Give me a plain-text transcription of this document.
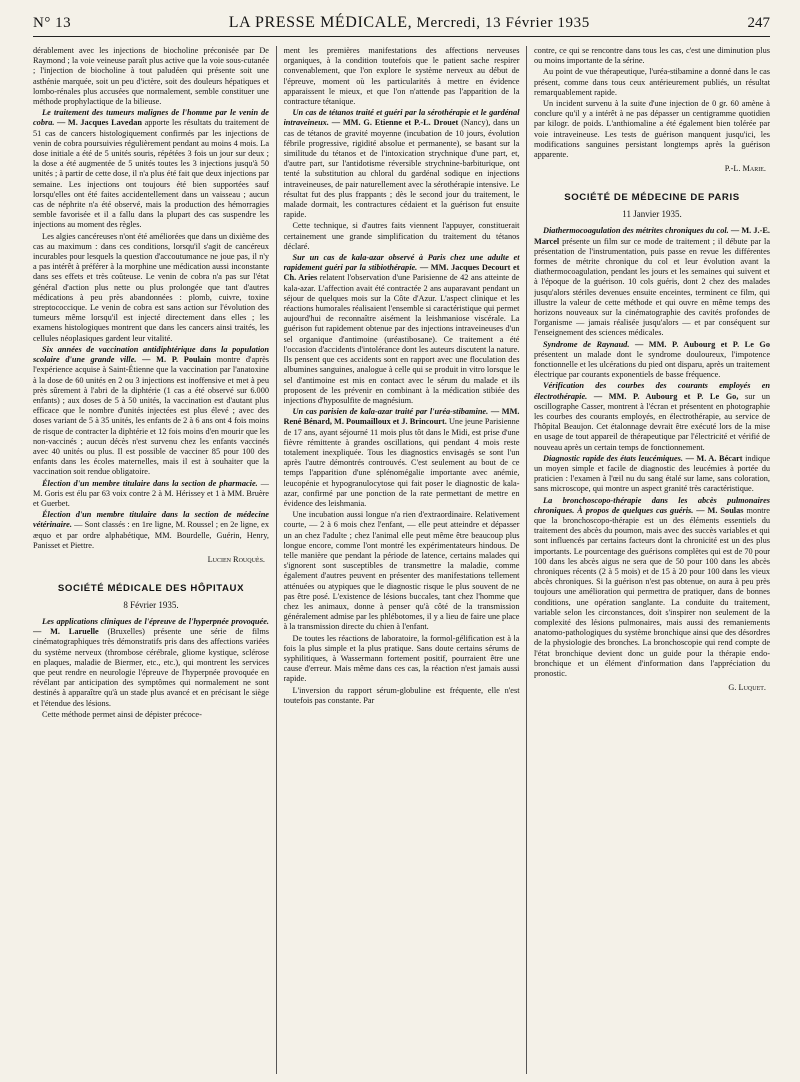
N° 13	LA PRESSE MÉDICALE, Mercredi, 13 Février 1935	247

dérablement avec les injections de biocholine préconisée par De Raymond ; la voie veineuse paraît plus active que la voie sous-cutanée ; l'injection de biocholine à tout paludéen qui présente soit une asthénie marquée, soit un peu d'ictère, soit des douleurs hépatiques et lombo-rénales plus accusées que normalement, semble constituer une méthode prophylactique de la bilieuse.

Le traitement des tumeurs malignes de l'homme par le venin de cobra. — M. Jacques Lavedan apporte les résultats du traitement de 51 cas de cancers histologiquement confirmés par les injections de venin de cobra poursuivies régulièrement pendant au moins 4 mois. La dose initiale a été de 5 unités souris, répétées 3 fois un jour sur deux ; la dose a été augmentée de 5 unités toutes les 3 injections jusqu'à 50 unités ; à partir de cette dose, il n'a plus été fait que deux injections par semaine. Les injections ont toujours été bien supportées sauf lorsqu'elles ont été faites accidentellement dans un vaisseau ; aucun cas de néphrite n'a été observé, mais la production des hémorragies semble favorisée et il a fallu dans la plupart des cas suspendre les injections au moment des règles.

Les algies cancéreuses n'ont été améliorées que dans un dixième des cas au maximum : dans ces conditions, lorsqu'il s'agit de cancéreux incurables pour lesquels la question d'accoutumance ne joue pas, il n'y a pas intérêt à préférer à la morphine une médication aussi inconstante dans ses effets et très coûteuse. Le venin de cobra n'a pas sur l'état général d'action plus nette ou plus prolongée que tant d'autres médications à peu près abandonnées : plomb, cuivre, toxine streptococcique. Le venin de cobra est sans action sur l'évolution des tumeurs même lorsqu'il est injecté directement dans elles ; les examens histologiques montrent que dans les cancers ainsi traités, les cellules néoplasiques gardent leur vitalité.

Six années de vaccination antidiphtérique dans la population scolaire d'une grande ville. — M. P. Poulain montre d'après l'expérience acquise à Saint-Étienne que la vaccination par l'anatoxine à la dose de 60 unités en 2 ou 3 injections est inoffensive et met à peu près sûrement à l'abri de la diphtérie (1 cas a été observé sur 6.000 enfants) ; aux doses de 5 à 50 unités, la vaccination est d'autant plus efficace que le nombre d'unités injectées est plus élevé ; avec des doses variant de 5 à 35 unités, les enfants de 2 à 6 ans ont 4 fois moins de risque de contracter la diphtérie et 12 fois moins d'en mourir que les non-vaccinés ; aucun décès n'est survenu chez les enfants vaccinés avec 40 unités ou plus. Il est possible de vacciner 85 pour 100 des enfants dans les écoles maternelles, mais il est à souhaiter que la vaccination soit rendue obligatoire.

Élection d'un membre titulaire dans la section de pharmacie. — M. Goris est élu par 63 voix contre 2 à M. Hérissey et 1 à MM. Bruère et Guerbet.

Élection d'un membre titulaire dans la section de médecine vétérinaire. — Sont classés : en 1re ligne, M. Roussel ; en 2e ligne, ex æquo et par ordre alphabétique, MM. Bourdelle, Guérin, Henry, Panisset et Piettre.

Lucien Rouquès.

SOCIÉTÉ MÉDICALE DES HÔPITAUX
8 Février 1935.

Les applications cliniques de l'épreuve de l'hyperpnée provoquée. — M. Laruelle (Bruxelles) présente une série de films cinématographiques très démonstratifs pris dans des affections variées du système nerveux (thrombose cérébrale, gliome kystique, sclérose en plaques, maladie de Biermer, etc., etc.), qui montrent les services que peut rendre en neurologie l'épreuve de l'hyperpnée provoquée en révélant par anticipation des symptômes qui normalement ne sont destinés à apparaître qu'à un stade plus avancé et en précisant le siège et l'étendue des lésions.

Cette méthode permet ainsi de dépister précoce-

ment les premières manifestations des affections nerveuses organiques, à la condition toutefois que le patient sache respirer convenablement, que l'on explore le système nerveux au début de l'épreuve, moment où les particularités à mettre en évidence apparaissent le mieux, et que l'on n'attende pas l'apparition de la contracture tétanique.

Un cas de tétanos traité et guéri par la sérothérapie et le gardénal intraveineux. — MM. G. Etienne et P.-L. Drouet (Nancy), dans un cas de tétanos de gravité moyenne (incubation de 10 jours, évolution fébrile progressive, rigidité absolue et permanente), se basant sur la similitude du tétanos et de l'intoxication strychnique d'une part, et, d'autre part, sur l'antidotisme réversible strychnine-barbiturique, ont tenté la substitution au chloral du gardénal sodique en injections intraveineuses, de pair naturellement avec la sérothérapie intensive. Le résultat fut des plus frappants ; dès le second jour du traitement, le malade dormait, les contractures cédaient et la guérison fut ensuite rapide.

Cette technique, si d'autres faits viennent l'appuyer, constituerait certainement une grande simplification du traitement du tétanos déclaré.

Sur un cas de kala-azar observé à Paris chez une adulte et rapidement guéri par la stibiothérapie. — MM. Jacques Decourt et Ch. Aries relatent l'observation d'une Parisienne de 42 ans atteinte de kala-azar. L'affection avait été contractée 2 ans auparavant pendant un séjour de quelques mois sur la Côte d'Azur. L'aspect clinique et les réactions humorales réalisaient l'ensemble si caractéristique qui permet aujourd'hui de reconnaître aisément la leishmaniose viscérale. La guérison fut rapidement obtenue par des injections intraveineuses d'un sel organique d'antimoine (uréastibosane). Ce traitement a été l'occasion d'accidents d'intolérance dont les auteurs discutent la nature. Ils pensent que ces accidents sont en rapport avec une floculation des albumines sanguines, analogue à celle qui se produit in vitro lorsque le sel d'antimoine est mis en contact avec le sérum du malade et ils proposent de les prévenir en combinant à la médication stibiée des injections d'hyposulfite de magnésium.

Un cas parisien de kala-azar traité par l'uréa-stibamine. — MM. René Bénard, M. Poumailloux et J. Brincourt. Une jeune Parisienne de 17 ans, ayant séjourné 11 mois plus tôt dans le Midi, est prise d'une fièvre rémittente à grandes oscillations, qui pendant 4 mois reste totalement inexpliquée. Tous les diagnostics envisagés se sont l'un après l'autre démontrés controuvés. C'est seulement au bout de ce temps l'apparition d'une splénomégalie importante avec anémie, leucopénie et hypogranulocytose qui fait poser le diagnostic de kala-azar, confirmé par une ponction de la rate permettant de mettre en évidence des leishmania.

Une incubation aussi longue n'a rien d'extraordinaire. Relativement courte, — 2 à 6 mois chez l'enfant, — elle peut atteindre et dépasser un an chez l'adulte ; chez l'animal elle peut même être beaucoup plus longue encore, comme l'ont montré les expérimentateurs hindous. De telle manière que pendant la période de latence, certains malades qui s'ignorent sont susceptibles de transmettre la maladie, comme également d'autres peuvent en présenter des manifestations tellement atténuées ou atypiques que le diagnostic risque le plus souvent de ne pas être posé. L'existence de lésions buccales, tant chez l'homme que chez les animaux, donne à penser qu'à côté de la transmission généralement admise par les phlébotomes, il y a lieu de faire une place à la transmission directe du chien à l'enfant.

De toutes les réactions de laboratoire, la formol-gélification est à la fois la plus simple et la plus pratique. Sans doute certains sérums de syphilitiques, à Wassermann fortement positif, pourraient être une cause d'erreur. Mais même dans ces cas, la réaction n'est jamais aussi rapide.

L'inversion du rapport sérum-globuline est fréquente, elle n'est toutefois pas constante. Par

contre, ce qui se rencontre dans tous les cas, c'est une diminution plus ou moins importante de la sérine.

Au point de vue thérapeutique, l'uréa-stibamine a donné dans le cas présent, comme dans tous ceux antérieurement publiés, un résultat remarquablement rapide.

Un incident survenu à la suite d'une injection de 0 gr. 60 amène à conclure qu'il y a intérêt à ne pas dépasser un centigramme quotidien par kilogr. de poids. L'anthiomaline a été également bien tolérée par voie intraveineuse. Les tests de guérison manquent jusqu'ici, les modifications sanguines persistant longtemps après la guérison apparente.

P.-L. Marie.

SOCIÉTÉ DE MÉDECINE DE PARIS
11 Janvier 1935.

Diathermocoagulation des métrites chroniques du col. — M. J.-E. Marcel présente un film sur ce mode de traitement ; il débute par la présentation de l'instrumentation, puis passe en revue les différentes formes de métrite chronique du col et leur évolution avant la diathermocoagulation, pendant les jours et les semaines qui suivent et à l'époque de la guérison. 10 cols guéris, dont 2 chez des malades jusqu'alors stériles devenues ensuite enceintes, terminent ce film, qui illustre la valeur de cette méthode et qui ouvre en même temps des horizons nouveaux sur la cinématographie des cavités profondes de l'organisme — jamais réalisée jusqu'alors — et par conséquent sur l'enseignement des sciences médicales.

Syndrome de Raynaud. — MM. P. Aubourg et P. Le Go présentent un malade dont le syndrome douloureux, l'impotence fonctionnelle et les ulcérations du pied ont disparu, après un traitement électrique par courants exponentiels de basse fréquence.

Vérification des courbes des courants employés en électrothérapie. — MM. P. Aubourg et P. Le Go, sur un oscillographe Casser, montrent à l'écran et présentent en photographie les courbes des courants employés, en électrothérapie, au service de l'hôpital Beaujon. Cet étalonnage devrait être exécuté lors de la mise en usage de tout appareil de thérapeutique par l'électricité et vérifié de nouveau après un certain temps de fonctionnement.

Diagnostic rapide des états leucémiques. — M. A. Bécart indique un moyen simple et facile de diagnostic des leucémies à portée du praticien : l'examen à l'œil nu du sang étalé sur lame, sans coloration, sans microscope, qui montre un aspect granité très caractéristique.

La bronchoscopo-thérapie dans les abcès pulmonaires chroniques. À propos de quelques cas guéris. — M. Soulas montre que la bronchoscopo-thérapie est un des éléments essentiels du traitement des abcès du poumon, mais avec des succès variables et qui sont influencés par certains facteurs dont la chronicité est un des plus importants. Le pourcentage des guérisons complètes qui est de 70 pour 100 dans les abcès aigus ne sera que de 50 pour 100 dans les abcès chroniques récents (2 à 5 mois) et de 15 à 20 pour 100 dans les vieux abcès chroniques. Si la guérison n'est pas obtenue, on aura à peu près toujours une amélioration qui permettra de pratiquer, dans de bonnes conditions, une opération sanglante. La conduite du traitement, variable selon les circonstances, doit s'inspirer non seulement de la complexité des lésions pulmonaires, mais aussi des remaniements anatomo-pathologiques du système bronchique ainsi que des désordres de la physiologie des bronches. La bronchoscopie qui rend compte de l'état bronchique devient donc un guide pour la thérapie endo-bronchique et un élément d'information dans l'appréciation du pronostic.

G. Luquet.
